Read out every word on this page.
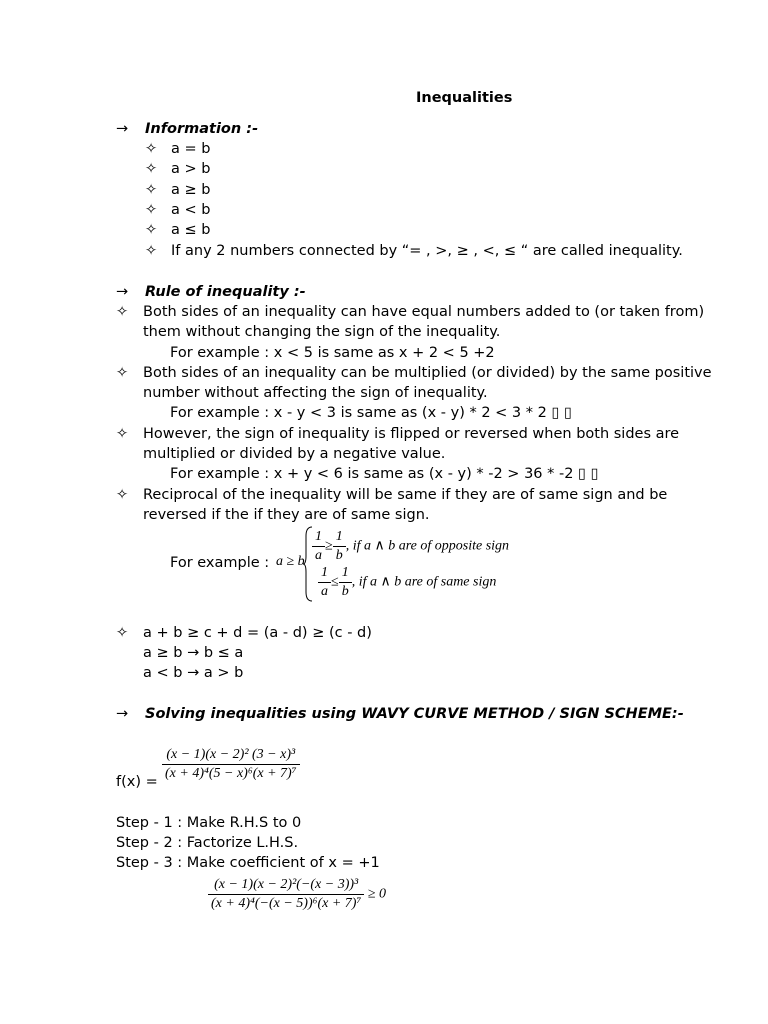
Inequalities
→ Information :-
✧ a = b
✧ a > b
✧ a ≥ b
✧ a < b
✧ a ≤ b
✧ If any 2 numbers connected by “= , >, ≥ , <, ≤ “ are called inequality.
→ Rule of inequality :-
✧ Both sides of an inequality can have equal numbers added to (or taken from)
them without changing the sign of the inequality.
For example : x < 5 is same as x + 2 < 5 +2
✧ Both sides of an inequality can be multiplied (or divided) by the same positive
number without affecting the sign of inequality.
For example : x - y < 3 is same as (x - y) * 2 < 3 * 2 ▯ ▯
✧ However, the sign of inequality is flipped or reversed when both sides are
multiplied or divided by a negative value.
For example : x + y < 6 is same as (x - y) * -2 > 36 * -2 ▯ ▯
✧ Reciprocal of the inequality will be same if they are of same sign and be
reversed if the if they are of same sign.
For example : a ≥ b $\frac{1}{a} \ge \frac{1}{b}$ , if a ∧ b are of opposite sign
$\frac{1}{a} \le \frac{1}{b}$ , if a ∧ b are of same sign
✧ a + b ≥ c + d = (a - d) ≥ (c - d)
a ≥ b → b ≤ a
a < b → a > b
→ Solving inequalities using WAVY CURVE METHOD / SIGN SCHEME:-
$f(x) = \frac{\text{(x − 1)(x − 2)² (3 − x)³}}{\text{(x + 4)⁴(5 − x)⁶(x + 7)⁷}}$
Step - 1 : Make R.H.S to 0
Step - 2 : Factorize L.H.S.
Step - 3 : Make coefficient of x = +1
$\frac{\text{(x − 1)(x − 2)²(−(x − 3))³}}{\text{(x + 4)⁴(−(x − 5))⁶(x + 7)⁷}} \ge 0$
